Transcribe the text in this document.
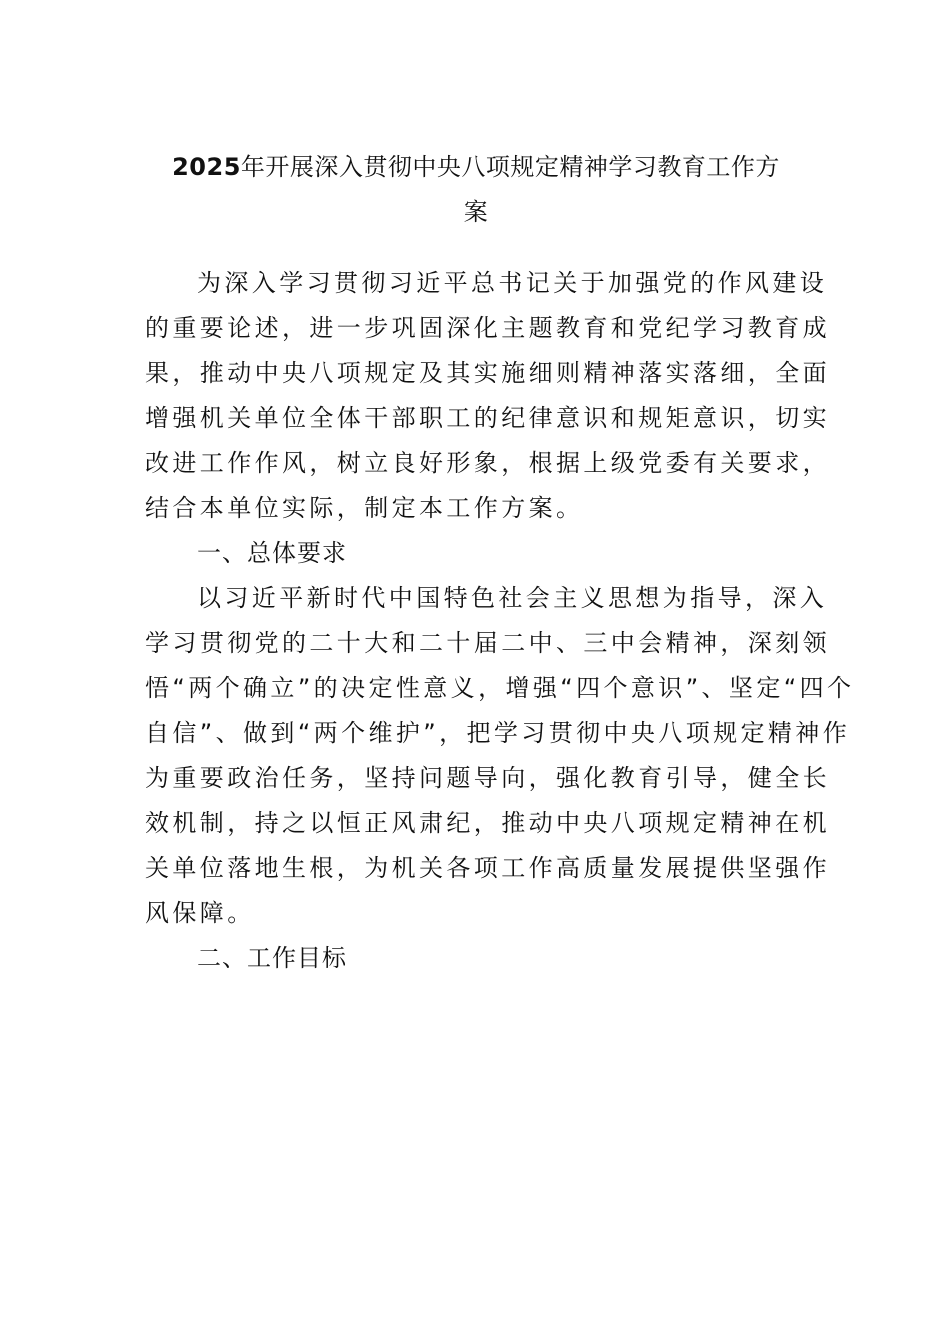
2025年开展深入贯彻中央八项规定精神学习教育工作方

案

为深入学习贯彻习近平总书记关于加强党的作风建设
的重要论述，进一步巩固深化主题教育和党纪学习教育成
果，推动中央八项规定及其实施细则精神落实落细，全面
增强机关单位全体干部职工的纪律意识和规矩意识，切实
改进工作作风，树立良好形象，根据上级党委有关要求，
结合本单位实际，制定本工作方案。
一、总体要求
以习近平新时代中国特色社会主义思想为指导，深入
学习贯彻党的二十大和二十届二中、三中会精神，深刻领
悟“两个确立”的决定性意义，增强“四个意识”、坚定“四个
自信”、做到“两个维护”，把学习贯彻中央八项规定精神作
为重要政治任务，坚持问题导向，强化教育引导，健全长
效机制，持之以恒正风肃纪，推动中央八项规定精神在机
关单位落地生根，为机关各项工作高质量发展提供坚强作
风保障。
二、工作目标
